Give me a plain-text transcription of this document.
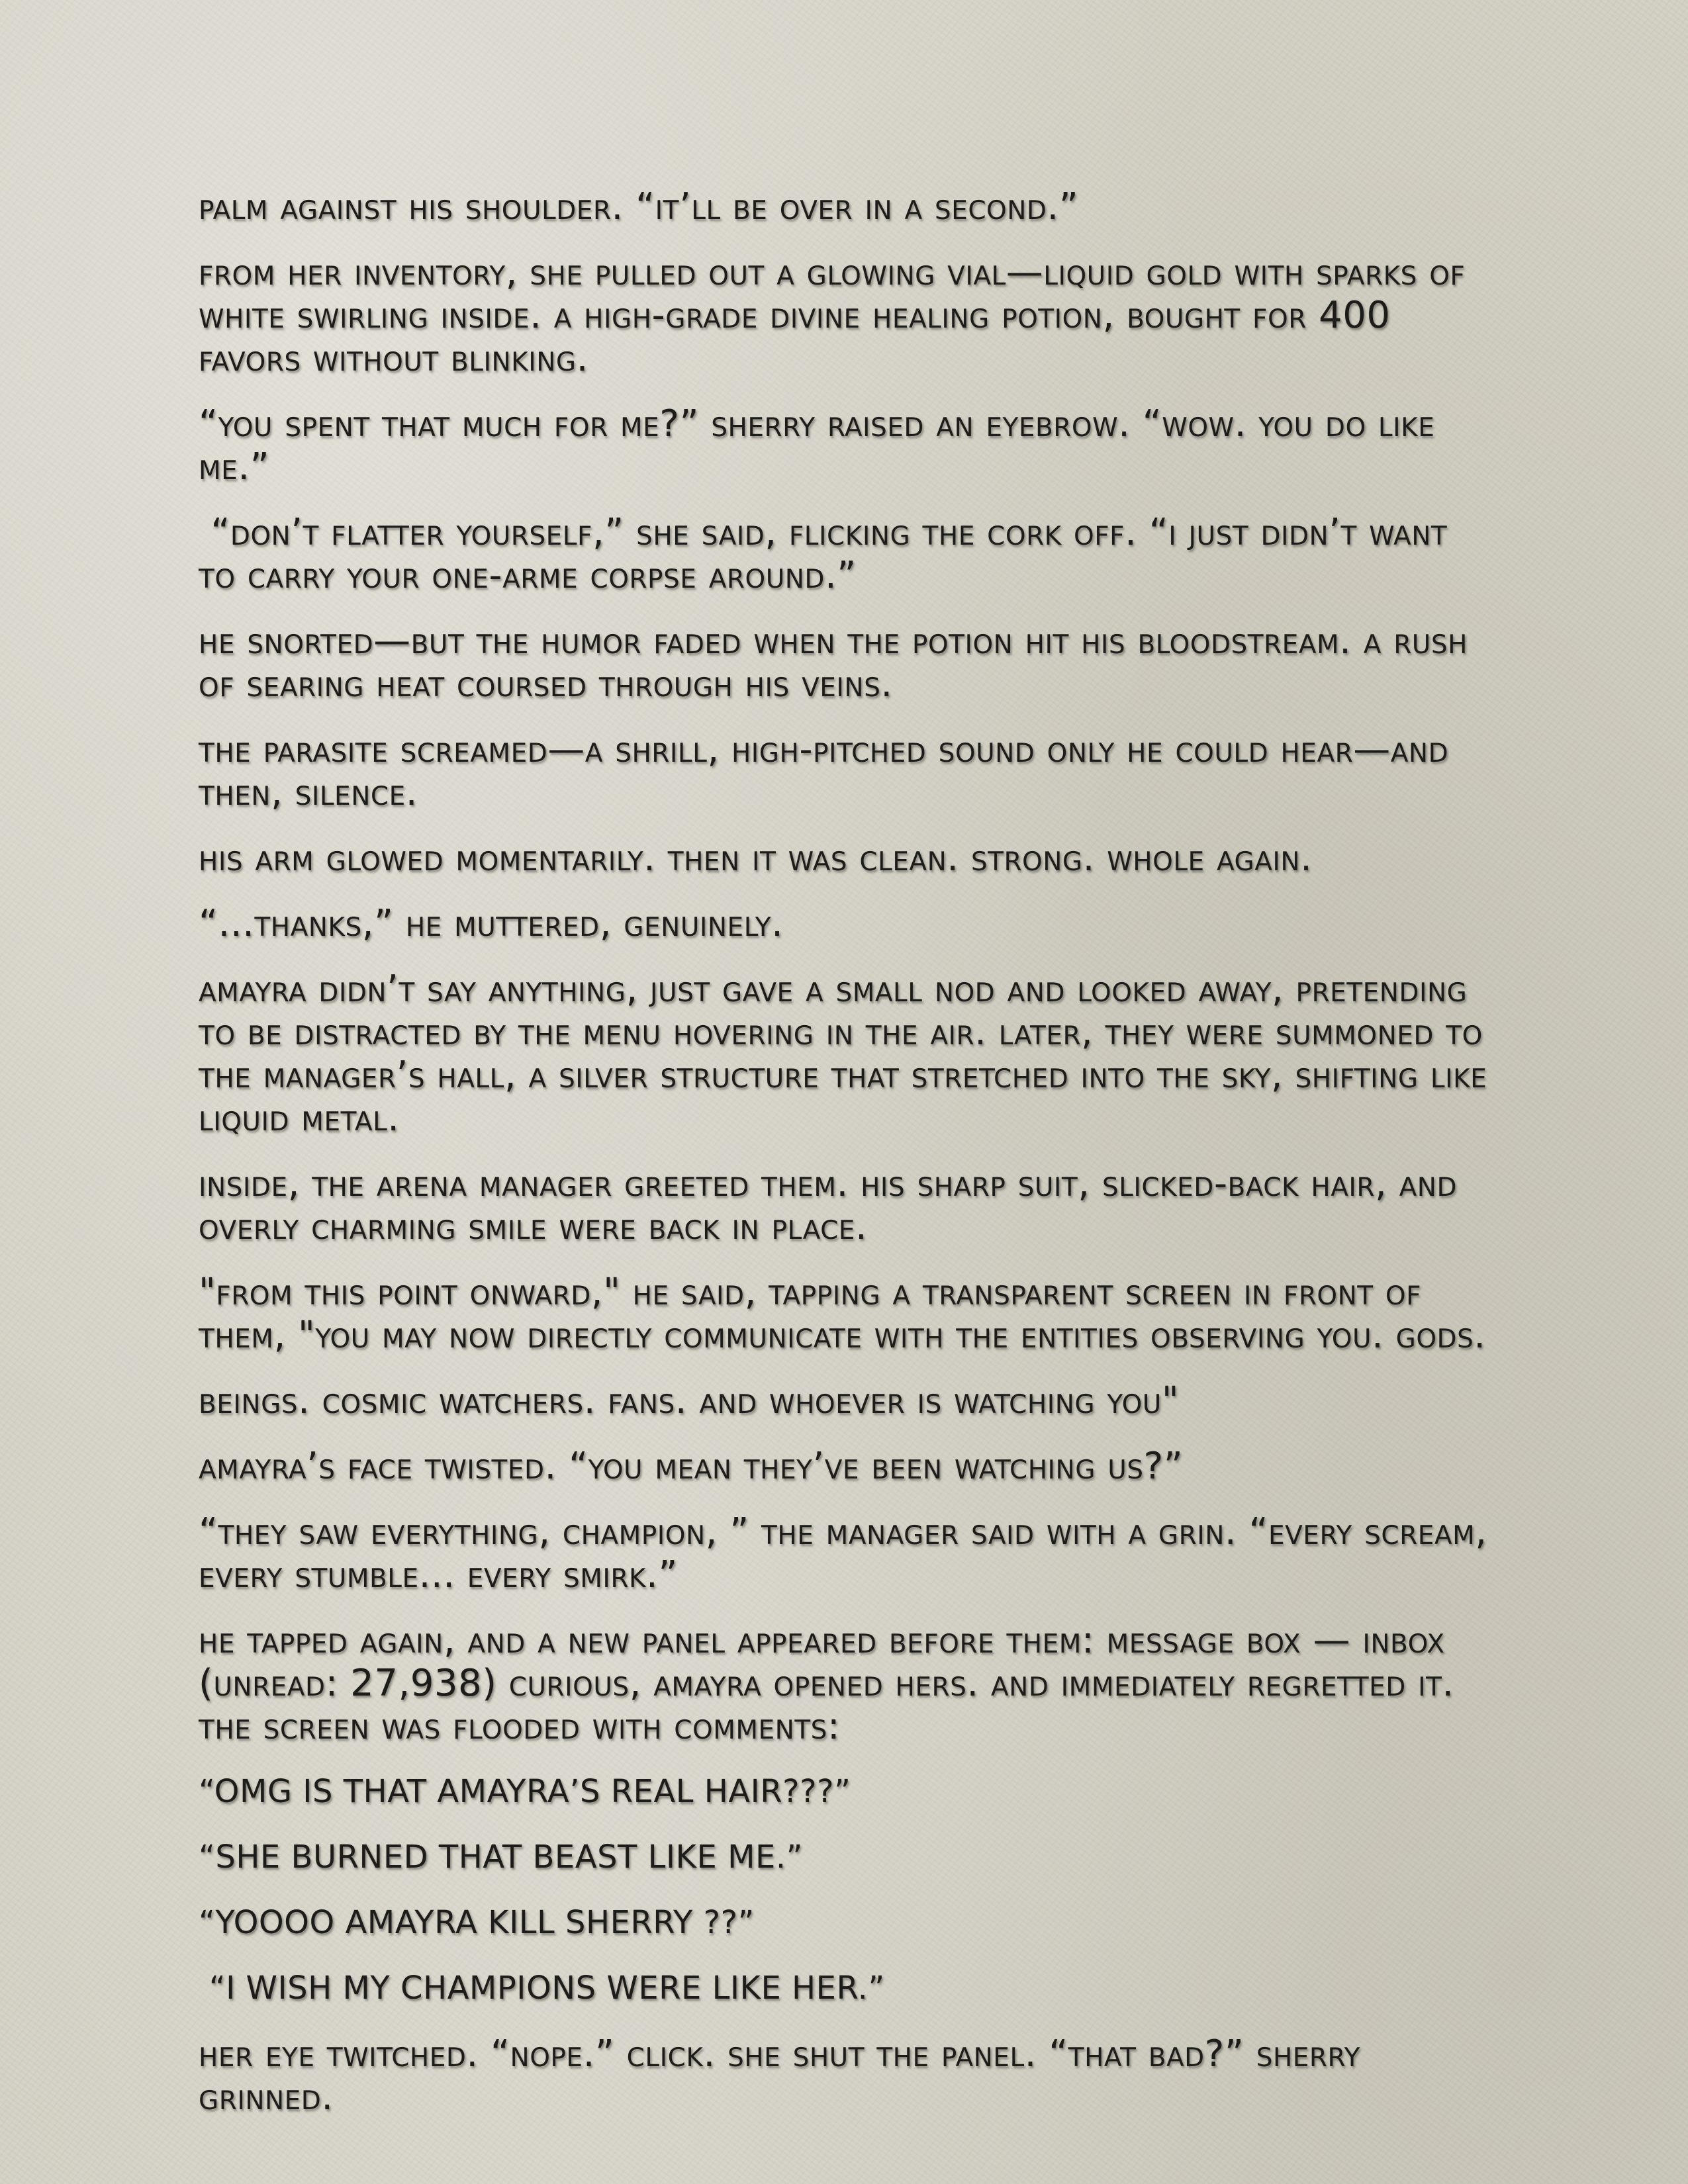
palm against his shoulder. “it’ll be over in a second.”

from her inventory, she pulled out a glowing vial—liquid gold with sparks of white swirling inside. a high-grade divine healing potion, bought for 400 favors without blinking.

“you spent that much for me?” sherry raised an eyebrow. “wow. you do like me.”

“don’t flatter yourself,” she said, flicking the cork off. “i just didn’t want to carry your one-arme corpse around.”

he snorted—but the humor faded when the potion hit his bloodstream. a rush of searing heat coursed through his veins.

the parasite screamed—a shrill, high-pitched sound only he could hear—and then, silence.

his arm glowed momentarily. then it was clean. strong. whole again.

“...thanks,” he muttered, genuinely.

amayra didn’t say anything, just gave a small nod and looked away, pretending to be distracted by the menu hovering in the air. later, they were summoned to the manager’s hall, a silver structure that stretched into the sky, shifting like liquid metal.

inside, the arena manager greeted them. his sharp suit, slicked-back hair, and overly charming smile were back in place.

"from this point onward," he said, tapping a transparent screen in front of them, "you may now directly communicate with the entities observing you. gods.

beings. cosmic watchers. fans. and whoever is watching you"

amayra’s face twisted. “you mean they’ve been watching us?”

“they saw everything, champion, ” the manager said with a grin. “every scream, every stumble... every smirk.”

he tapped again, and a new panel appeared before them: message box — inbox (unread: 27,938) curious, amayra opened hers. and immediately regretted it. the screen was flooded with comments:

“OMG IS THAT AMAYRA’S REAL HAIR???”

“SHE BURNED THAT BEAST LIKE ME.”

“YOOOO AMAYRA KILL SHERRY ??”

“I WISH MY CHAMPIONS WERE LIKE HER.”

her eye twitched. “nope.” click. she shut the panel. “that bad?” sherry grinned.
